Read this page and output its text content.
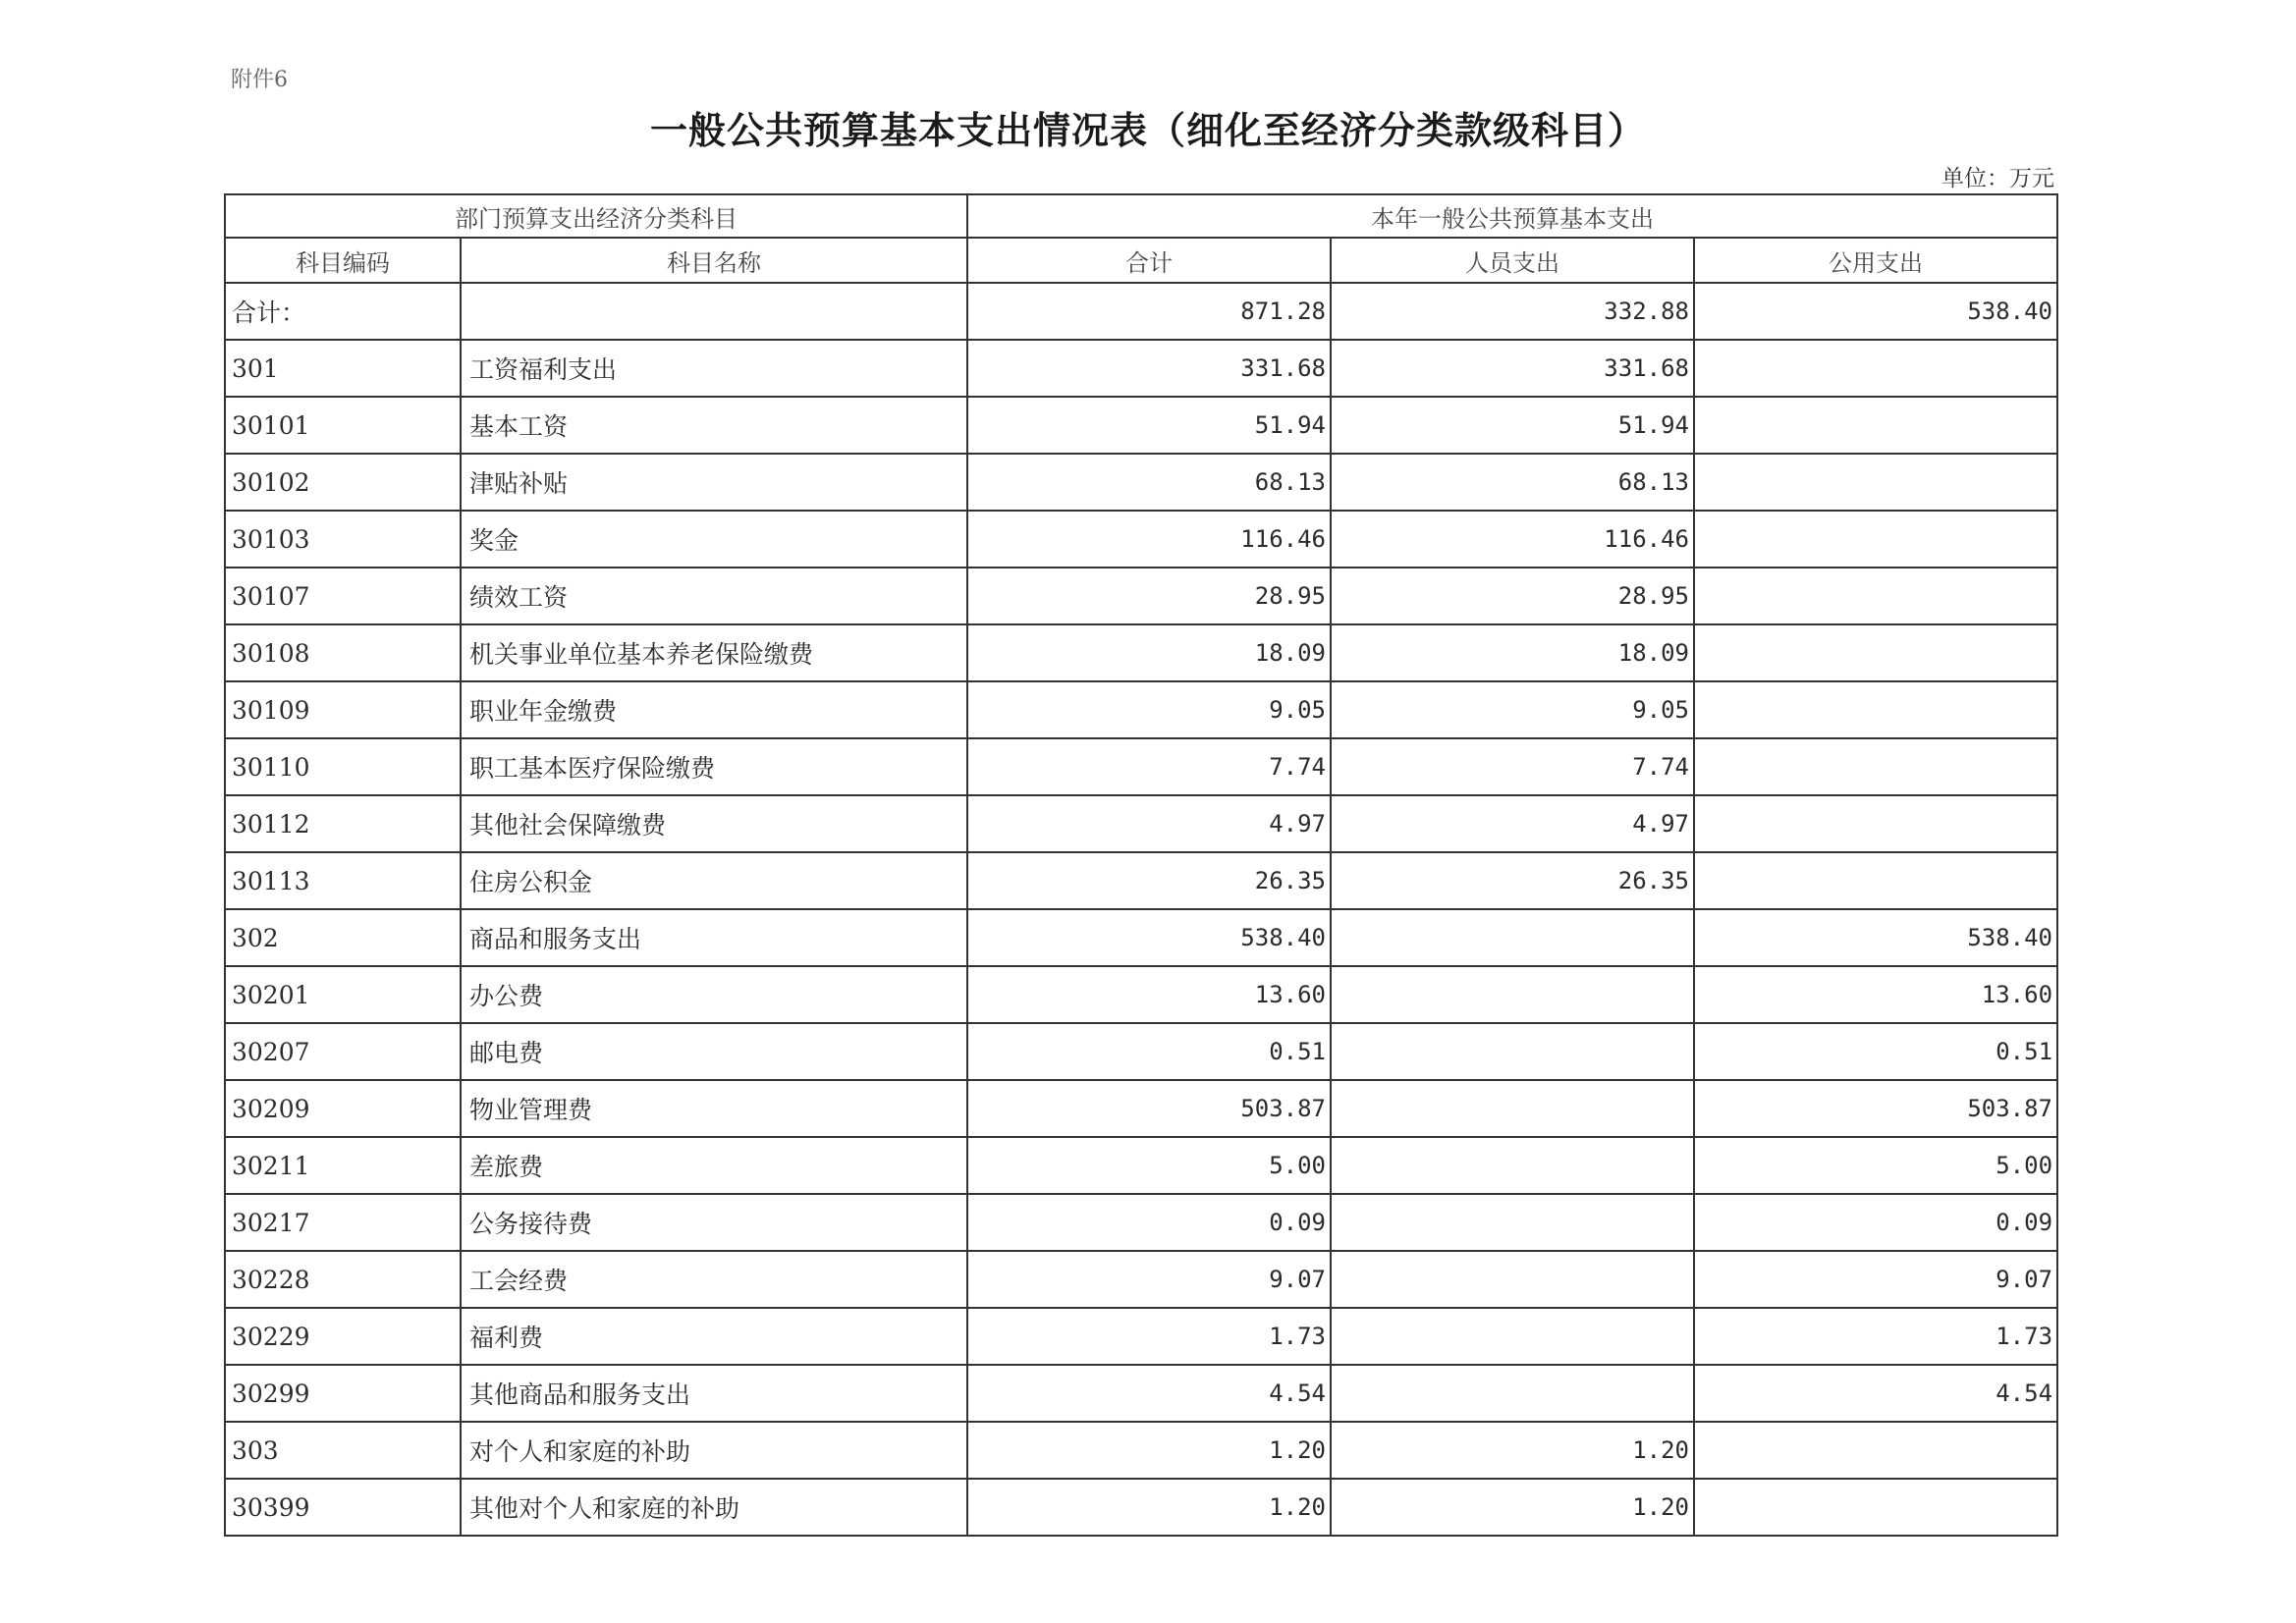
附件6
一般公共预算基本支出情况表（细化至经济分类款级科目）
单位：万元
部门预算支出经济分类科目		本年一般公共预算基本支出		
科目编码	科目名称	合计	人员支出	公用支出
合计：		871.28	332.88	538.40
301	工资福利支出	331.68	331.68	
30101	基本工资	51.94	51.94	
30102	津贴补贴	68.13	68.13	
30103	奖金	116.46	116.46	
30107	绩效工资	28.95	28.95	
30108	机关事业单位基本养老保险缴费	18.09	18.09	
30109	职业年金缴费	9.05	9.05	
30110	职工基本医疗保险缴费	7.74	7.74	
30112	其他社会保障缴费	4.97	4.97	
30113	住房公积金	26.35	26.35	
302	商品和服务支出	538.40		538.40
30201	办公费	13.60		13.60
30207	邮电费	0.51		0.51
30209	物业管理费	503.87		503.87
30211	差旅费	5.00		5.00
30217	公务接待费	0.09		0.09
30228	工会经费	9.07		9.07
30229	福利费	1.73		1.73
30299	其他商品和服务支出	4.54		4.54
303	对个人和家庭的补助	1.20	1.20	
30399	其他对个人和家庭的补助	1.20	1.20	
